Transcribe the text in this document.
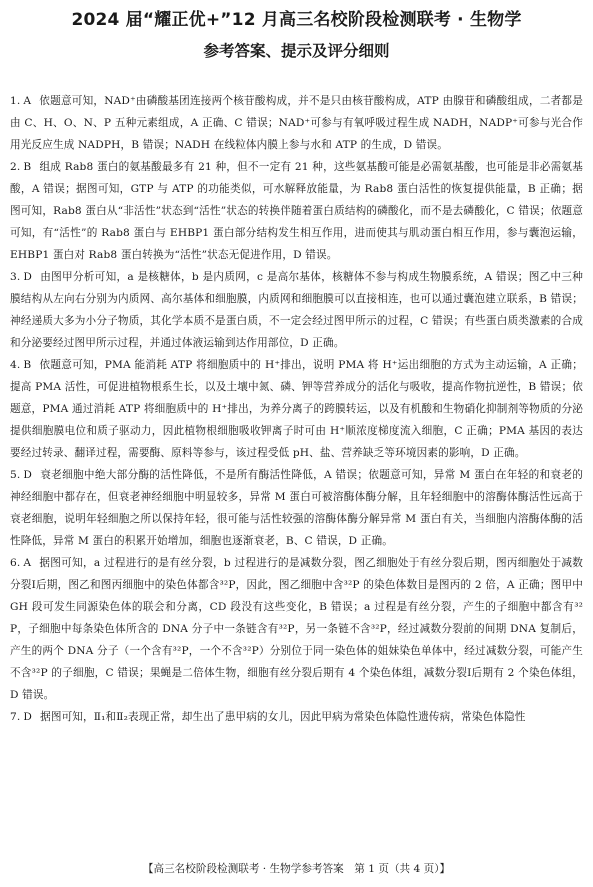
2024 届“耀正优+”12 月高三名校阶段检测联考 · 生物学
参考答案、提示及评分细则

1. A 依题意可知，NAD⁺由磷酸基团连接两个核苷酸构成，并不是只由核苷酸构成，ATP 由腺苷和磷酸组成，二者都是由 C、H、O、N、P 五种元素组成，A 正确、C 错误；NAD⁺可参与有氧呼吸过程生成 NADH，NADP⁺可参与光合作用光反应生成 NADPH，B 错误；NADH 在线粒体内膜上参与水和 ATP 的生成，D 错误。

2. B 组成 Rab8 蛋白的氨基酸最多有 21 种，但不一定有 21 种，这些氨基酸可能是必需氨基酸，也可能是非必需氨基酸，A 错误；据图可知，GTP 与 ATP 的功能类似，可水解释放能量，为 Rab8 蛋白活性的恢复提供能量，B 正确；据图可知，Rab8 蛋白从“非活性”状态到“活性”状态的转换伴随着蛋白质结构的磷酸化，而不是去磷酸化，C 错误；依题意可知，有“活性”的 Rab8 蛋白与 EHBP1 蛋白部分结构发生相互作用，进而使其与肌动蛋白相互作用，参与囊泡运输，EHBP1 蛋白对 Rab8 蛋白转换为“活性”状态无促进作用，D 错误。

3. D 由图甲分析可知，a 是核糖体，b 是内质网，c 是高尔基体，核糖体不参与构成生物膜系统，A 错误；图乙中三种膜结构从左向右分别为内质网、高尔基体和细胞膜，内质网和细胞膜可以直接相连，也可以通过囊泡建立联系，B 错误；神经递质大多为小分子物质，其化学本质不是蛋白质，不一定会经过图甲所示的过程，C 错误；有些蛋白质类激素的合成和分泌要经过图甲所示过程，并通过体液运输到达作用部位，D 正确。

4. B 依题意可知，PMA 能消耗 ATP 将细胞质中的 H⁺排出，说明 PMA 将 H⁺运出细胞的方式为主动运输，A 正确；提高 PMA 活性，可促进植物根系生长，以及土壤中氮、磷、钾等营养成分的活化与吸收，提高作物抗逆性，B 错误；依题意，PMA 通过消耗 ATP 将细胞质中的 H⁺排出，为养分离子的跨膜转运，以及有机酸和生物硝化抑制剂等物质的分泌提供细胞膜电位和质子驱动力，因此植物根细胞吸收钾离子时可由 H⁺顺浓度梯度流入细胞，C 正确；PMA 基因的表达要经过转录、翻译过程，需要酶、原料等参与，该过程受低 pH、盐、营养缺乏等环境因素的影响，D 正确。

5. D 衰老细胞中绝大部分酶的活性降低，不是所有酶活性降低，A 错误；依题意可知，异常 M 蛋白在年轻的和衰老的神经细胞中都存在，但衰老神经细胞中明显较多，异常 M 蛋白可被溶酶体酶分解，且年轻细胞中的溶酶体酶活性远高于衰老细胞，说明年轻细胞之所以保持年轻，很可能与活性较强的溶酶体酶分解异常 M 蛋白有关，当细胞内溶酶体酶的活性降低，异常 M 蛋白的积累开始增加，细胞也逐渐衰老，B、C 错误，D 正确。

6. A 据图可知，a 过程进行的是有丝分裂，b 过程进行的是减数分裂，图乙细胞处于有丝分裂后期，图丙细胞处于减数分裂Ⅰ后期，图乙和图丙细胞中的染色体都含³²P，因此，图乙细胞中含³²P 的染色体数目是图丙的 2 倍，A 正确；图甲中 GH 段可发生同源染色体的联会和分离，CD 段没有这些变化，B 错误；a 过程是有丝分裂，产生的子细胞中都含有³²P，子细胞中每条染色体所含的 DNA 分子中一条链含有³²P，另一条链不含³²P，经过减数分裂前的间期 DNA 复制后，产生的两个 DNA 分子（一个含有³²P，一个不含³²P）分别位于同一染色体的姐妹染色单体中，经过减数分裂，可能产生不含³²P 的子细胞，C 错误；果蝇是二倍体生物，细胞有丝分裂后期有 4 个染色体组，减数分裂Ⅰ后期有 2 个染色体组，D 错误。

7. D 据图可知，Ⅱ₁和Ⅱ₂表现正常，却生出了患甲病的女儿，因此甲病为常染色体隐性遗传病，常染色体隐性

【高三名校阶段检测联考 · 生物学参考答案　第 1 页（共 4 页）】
